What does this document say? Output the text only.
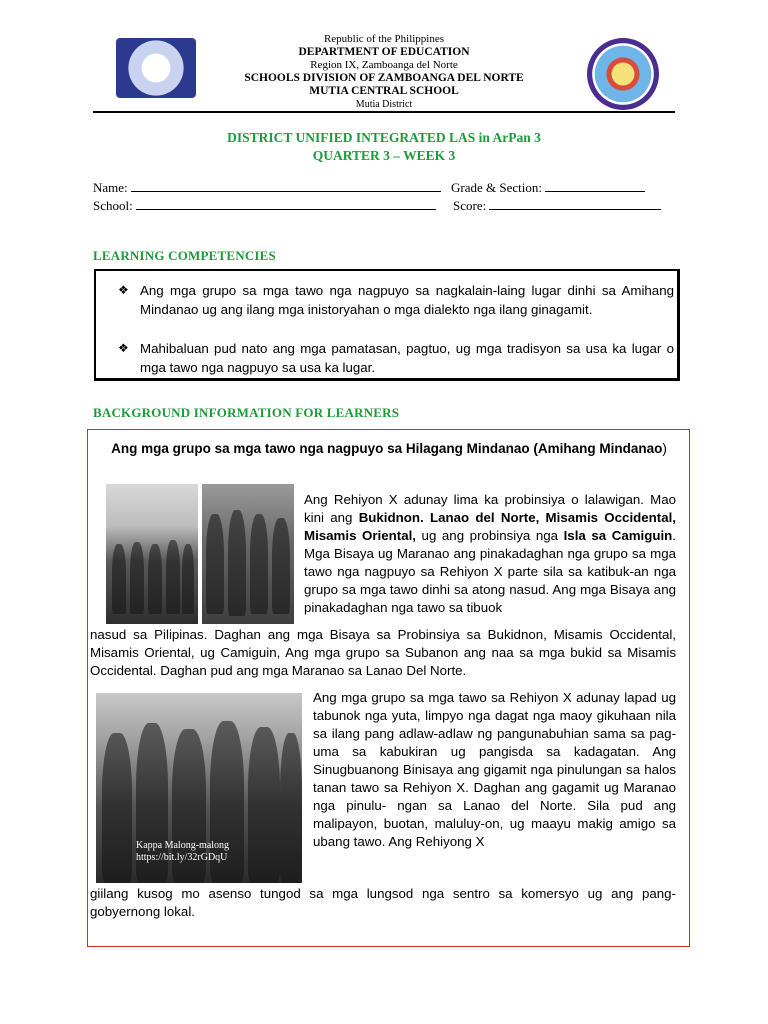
Republic of the Philippines
DEPARTMENT OF EDUCATION
Region IX, Zamboanga del Norte
SCHOOLS DIVISION OF ZAMBOANGA DEL NORTE
MUTIA CENTRAL SCHOOL
Mutia District
DISTRICT UNIFIED INTEGRATED LAS in ArPan 3
QUARTER 3 – WEEK 3
Name:	Grade & Section:
School:	Score:
LEARNING COMPETENCIES
❖ Ang mga grupo sa mga tawo nga nagpuyo sa nagkalain-laing lugar dinhi sa Amihang Mindanao ug ang ilang mga inistoryahan o mga dialekto nga ilang ginagamit.
❖ Mahibaluan pud nato ang mga pamatasan, pagtuo, ug mga tradisyon sa usa ka lugar o mga tawo nga nagpuyo sa usa ka lugar.
BACKGROUND INFORMATION FOR LEARNERS
Ang mga grupo sa mga tawo nga nagpuyo sa Hilagang Mindanao (Amihang Mindanao)
Ang Rehiyon X adunay lima ka probinsiya o lalawigan. Mao kini ang Bukidnon. Lanao del Norte, Misamis Occidental, Misamis Oriental, ug ang probinsiya nga Isla sa Camiguin. Mga Bisaya ug Maranao ang pinakadaghan nga grupo sa mga tawo nga nagpuyo sa Rehiyon X parte sila sa katibuk-an nga grupo sa mga tawo dinhi sa atong nasud. Ang mga Bisaya ang pinakadaghan nga tawo sa tibuok
nasud sa Pilipinas. Daghan ang mga Bisaya sa Probinsiya sa Bukidnon, Misamis Occidental, Misamis Oriental, ug Camiguin, Ang mga grupo sa Subanon ang naa sa mga bukid sa Misamis Occidental. Daghan pud ang mga Maranao sa Lanao Del Norte.
Kappa Malong-malong
https://bit.ly/32rGDqU
Ang mga grupo sa mga tawo sa Rehiyon X adunay lapad ug tabunok nga yuta, limpyo nga dagat nga maoy gikuhaan nila sa ilang pang adlaw-adlaw ng pangunabuhian sama sa pag-uma sa kabukiran ug pangisda sa kadagatan. Ang Sinugbuanong Binisaya ang gigamit nga pinulungan sa halos tanan tawo sa Rehiyon X. Daghan ang gagamit ug Maranao nga pinulu- ngan sa Lanao del Norte. Sila pud ang malipayon, buotan, maluluy-on, ug maayu makig amigo sa ubang tawo. Ang Rehiyong X
giilang kusog mo asenso tungod sa mga lungsod nga sentro sa komersyo ug ang pang-gobyernong lokal.
